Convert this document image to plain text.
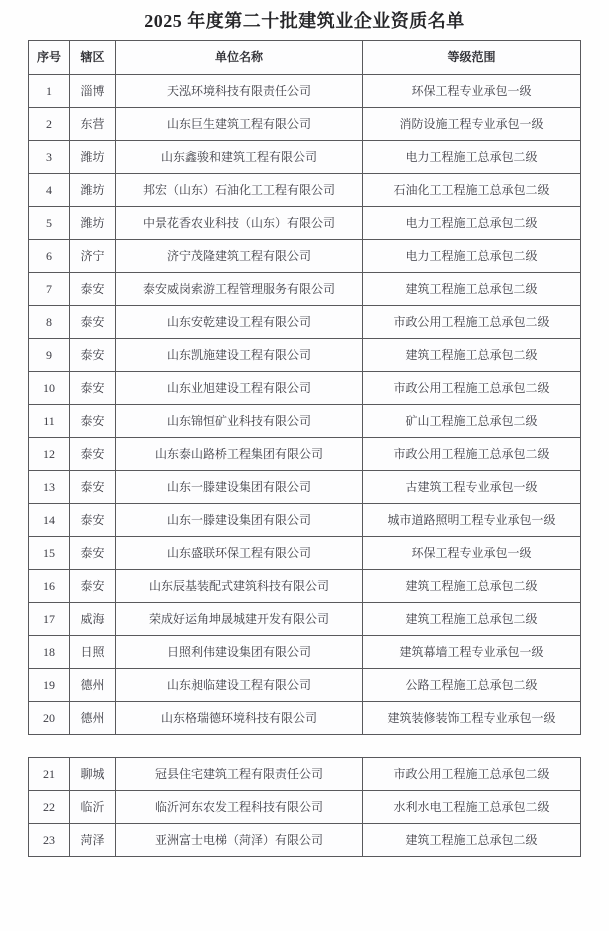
2025 年度第二十批建筑业企业资质名单
序号	辖区	单位名称	等级范围
1	淄博	天泓环境科技有限责任公司	环保工程专业承包一级
2	东营	山东巨生建筑工程有限公司	消防设施工程专业承包一级
3	潍坊	山东鑫骏和建筑工程有限公司	电力工程施工总承包二级
4	潍坊	邦宏（山东）石油化工工程有限公司	石油化工工程施工总承包二级
5	潍坊	中景花香农业科技（山东）有限公司	电力工程施工总承包二级
6	济宁	济宁茂隆建筑工程有限公司	电力工程施工总承包二级
7	泰安	泰安威岗索游工程管理服务有限公司	建筑工程施工总承包二级
8	泰安	山东安乾建设工程有限公司	市政公用工程施工总承包二级
9	泰安	山东凯施建设工程有限公司	建筑工程施工总承包二级
10	泰安	山东业旭建设工程有限公司	市政公用工程施工总承包二级
11	泰安	山东锦恒矿业科技有限公司	矿山工程施工总承包二级
12	泰安	山东泰山路桥工程集团有限公司	市政公用工程施工总承包二级
13	泰安	山东一滕建设集团有限公司	古建筑工程专业承包一级
14	泰安	山东一滕建设集团有限公司	城市道路照明工程专业承包一级
15	泰安	山东盛联环保工程有限公司	环保工程专业承包一级
16	泰安	山东辰基装配式建筑科技有限公司	建筑工程施工总承包二级
17	威海	荣成好运角坤晟城建开发有限公司	建筑工程施工总承包二级
18	日照	日照利伟建设集团有限公司	建筑幕墙工程专业承包一级
19	德州	山东昶临建设工程有限公司	公路工程施工总承包二级
20	德州	山东格瑞德环境科技有限公司	建筑装修装饰工程专业承包一级
21	聊城	冠县住宅建筑工程有限责任公司	市政公用工程施工总承包二级
22	临沂	临沂河东农发工程科技有限公司	水利水电工程施工总承包二级
23	菏泽	亚洲富士电梯（菏泽）有限公司	建筑工程施工总承包二级
